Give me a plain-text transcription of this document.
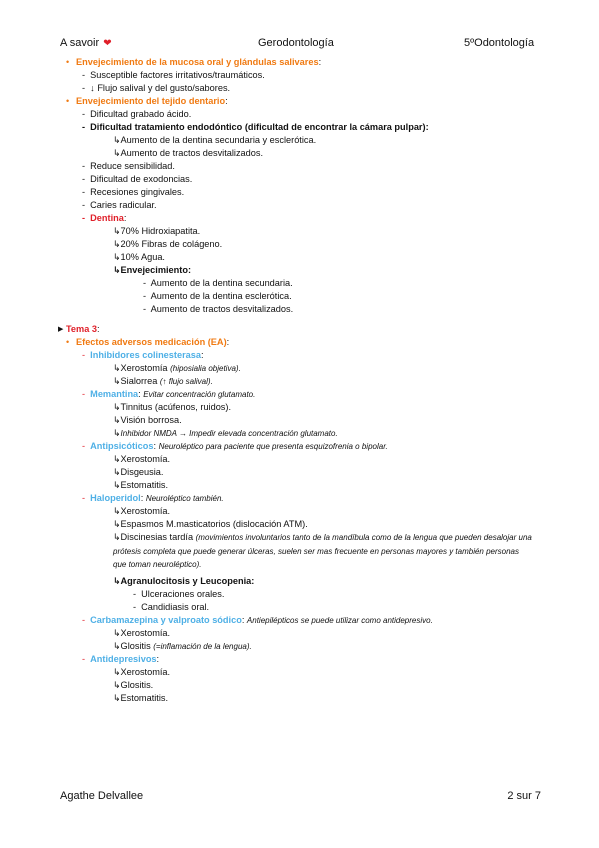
A savoir ❤	Gerodontología	5ºOdontología
• Envejecimiento de la mucosa oral y glándulas salivares:
-  Susceptible factores irritativos/traumáticos.
-  ↓ Flujo salival y del gusto/sabores.
• Envejecimiento del tejido dentario:
-  Dificultad grabado ácido.
-  Dificultad tratamiento endodóntico (dificultad de encontrar la cámara pulpar):
↳Aumento de la dentina secundaria y esclerótica.
↳Aumento de tractos desvitalizados.
-  Reduce sensibilidad.
-  Dificultad de exodoncias.
-  Recesiones gingivales.
-  Caries radicular.
-  Dentina:
↳70% Hidroxiapatita.
↳20% Fibras de colágeno.
↳10% Agua.
↳Envejecimiento:
-  Aumento de la dentina secundaria.
-  Aumento de la dentina esclerótica.
-  Aumento de tractos desvitalizados.
▶ Tema 3:
• Efectos adversos medicación (EA):
-  Inhibidores colinesterasa:
↳Xerostomía (hiposialia objetiva).
↳Sialorrea (↑ flujo salival).
-  Memantina: Evitar concentración glutamato.
↳Tinnitus (acúfenos, ruidos).
↳Visión borrosa.
↳Inhibidor NMDA → Impedir elevada concentración glutamato.
-  Antipsicóticos: Neuroléptico para paciente que presenta esquizofrenia o bipolar.
↳Xerostomía.
↳Disgeusia.
↳Estomatitis.
-  Haloperidol: Neuroléptico también.
↳Xerostomía.
↳Espasmos M.masticatorios (dislocación ATM).
↳Discinesias tardía (movimientos involuntarios tanto de la mandíbula como de la lengua que pueden desalojar una prótesis completa que puede generar úlceras, suelen ser mas frecuente en personas mayores y también personas que toman neuroléptico).
↳Agranulocitosis y Leucopenia:
-  Ulceraciones orales.
-  Candidiasis oral.
-  Carbamazepina y valproato sódico: Antiepilépticos se puede utilizar como antidepresivo.
↳Xerostomía.
↳Glositis (=inflamación de la lengua).
-  Antidepresivos:
↳Xerostomía.
↳Glositis.
↳Estomatitis.
Agathe Delvallee	2 sur 7
